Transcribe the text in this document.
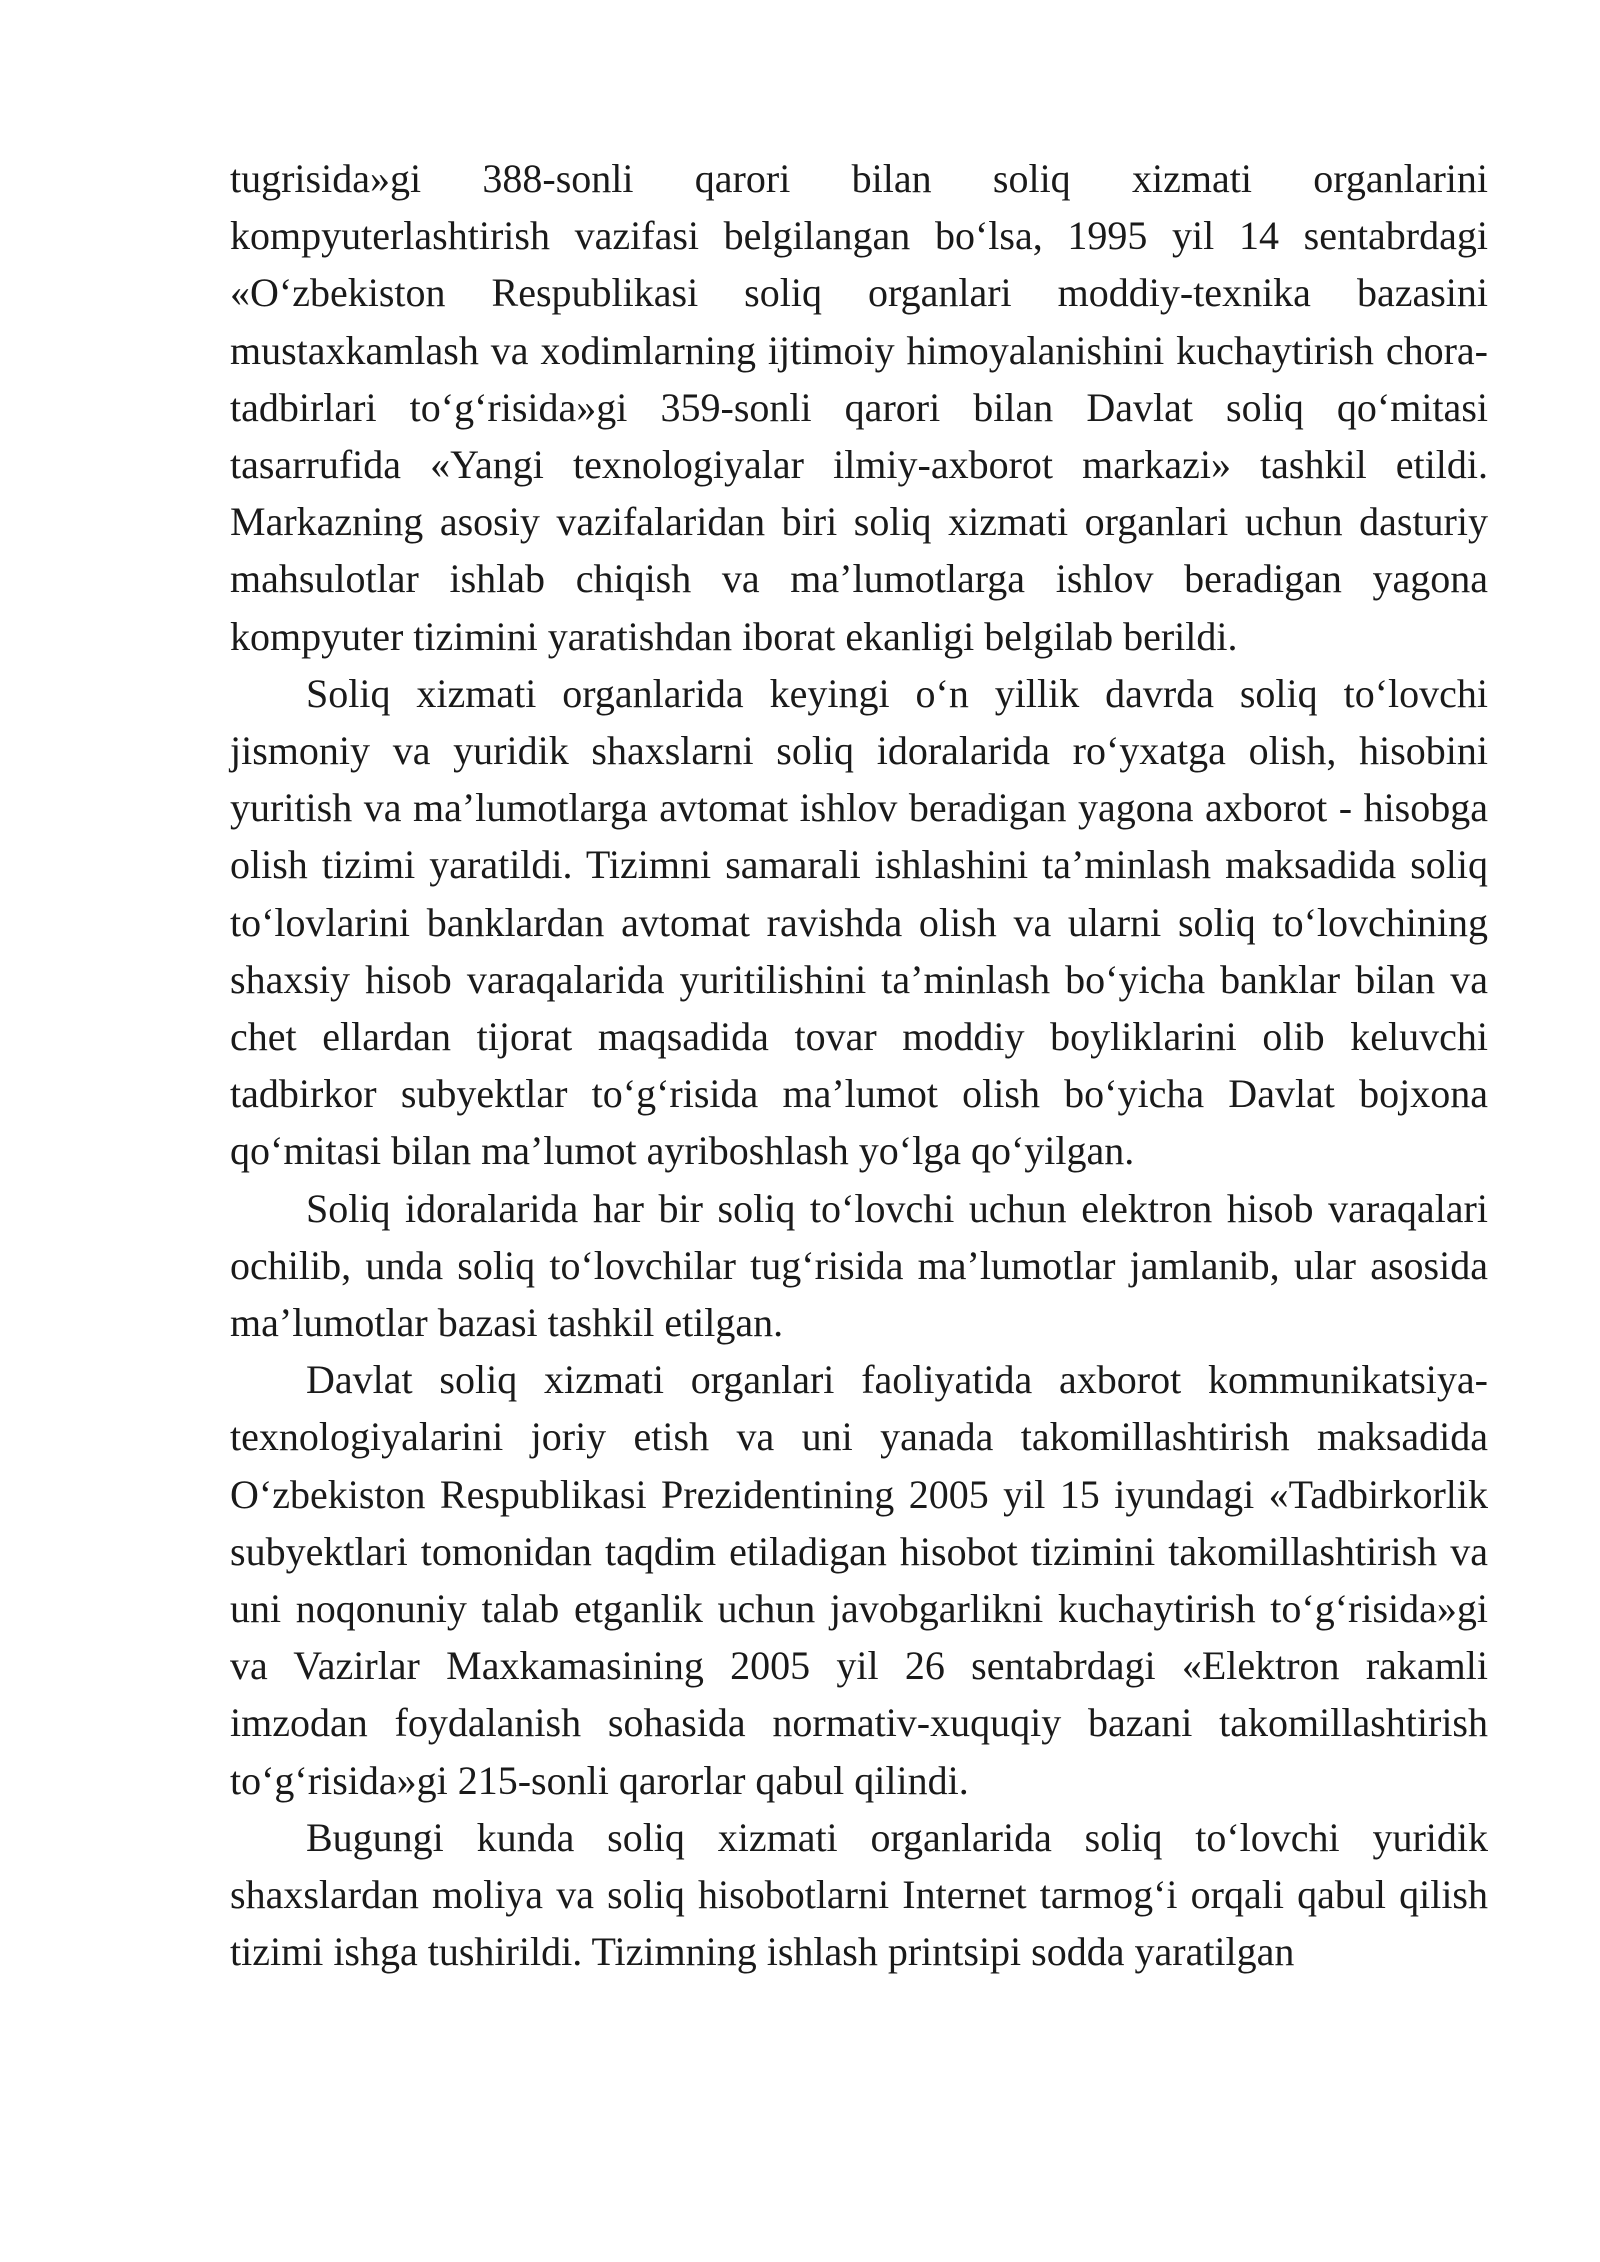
tugrisida»gi 388-sonli qarori bilan soliq xizmati organlarini kompyuterlashtirish vazifasi belgilangan bo‘lsa, 1995 yil 14 sentabrdagi «O‘zbekiston Respublikasi soliq organlari moddiy-texnika bazasini mustaxkamlash va xodimlarning ijtimoiy himoyalanishini kuchaytirish chora-tadbirlari to‘g‘risida»gi 359-sonli qarori bilan Davlat soliq qo‘mitasi tasarrufida «Yangi texnologiyalar ilmiy-axborot markazi» tashkil etildi. Markazning asosiy vazifalaridan biri soliq xizmati organlari uchun dasturiy mahsulotlar ishlab chiqish va ma’lumotlarga ishlov beradigan yagona kompyuter tizimini yaratishdan iborat ekanligi belgilab berildi.

Soliq xizmati organlarida keyingi o‘n yillik davrda soliq to‘lovchi jismoniy va yuridik shaxslarni soliq idoralarida ro‘yxatga olish, hisobini yuritish va ma’lumotlarga avtomat ishlov beradigan yagona axborot - hisobga olish tizimi yaratildi. Tizimni samarali ishlashini ta’minlash maksadida soliq to‘lovlarini banklardan avtomat ravishda olish va ularni soliq to‘lovchining shaxsiy hisob varaqalarida yuritilishini ta’minlash bo‘yicha banklar bilan va chet ellardan tijorat maqsadida tovar moddiy boyliklarini olib keluvchi tadbirkor subyektlar to‘g‘risida ma’lumot olish bo‘yicha Davlat bojxona qo‘mitasi bilan ma’lumot ayriboshlash yo‘lga qo‘yilgan.

Soliq idoralarida har bir soliq to‘lovchi uchun elektron hisob varaqalari ochilib, unda soliq to‘lovchilar tug‘risida ma’lumotlar jamlanib, ular asosida ma’lumotlar bazasi tashkil etilgan.

Davlat soliq xizmati organlari faoliyatida axborot kommunikatsiya-texnologiyalarini joriy etish va uni yanada takomillashtirish maksadida O‘zbekiston Respublikasi Prezidentining 2005 yil 15 iyundagi «Tadbirkorlik subyektlari tomonidan taqdim etiladigan hisobot tizimini takomillashtirish va uni noqonuniy talab etganlik uchun javobgarlikni kuchaytirish to‘g‘risida»gi va Vazirlar Maxkamasining 2005 yil 26 sentabrdagi «Elektron rakamli imzodan foydalanish sohasida normativ-xuquqiy bazani takomillashtirish to‘g‘risida»gi 215-sonli qarorlar qabul qilindi.

Bugungi kunda soliq xizmati organlarida soliq to‘lovchi yuridik shaxslardan moliya va soliq hisobotlarni Internet tarmog‘i orqali qabul qilish tizimi ishga tushirildi. Tizimning ishlash printsipi sodda yaratilgan
